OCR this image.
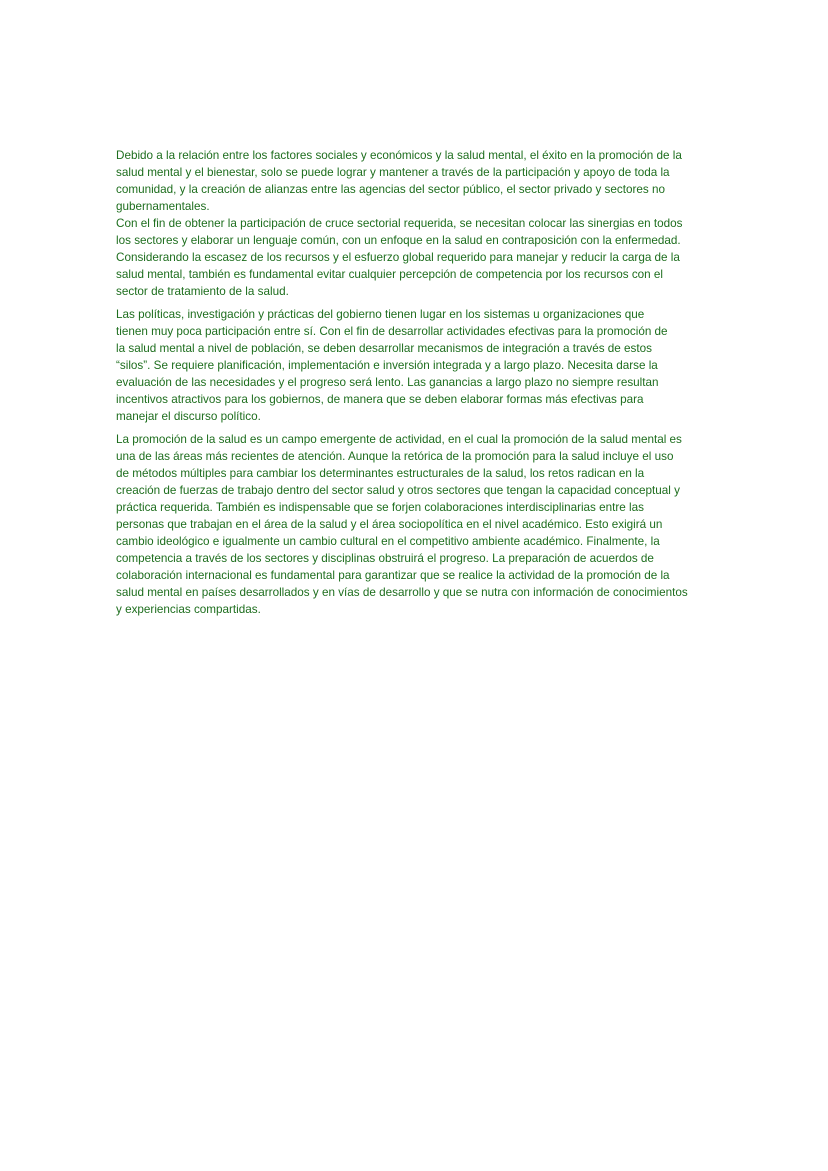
Debido a la relación entre los factores sociales y económicos y la salud mental, el éxito en la promoción de la
salud mental y el bienestar, solo se puede lograr y mantener a través de la participación y apoyo de toda la
comunidad, y la creación de alianzas entre las agencias del sector público, el sector privado y sectores no
gubernamentales.
Con el fin de obtener la participación de cruce sectorial requerida, se necesitan colocar las sinergias en todos
los sectores y elaborar un lenguaje común, con un enfoque en la salud en contraposición con la enfermedad.
Considerando la escasez de los recursos y el esfuerzo global requerido para manejar y reducir la carga de la
salud mental, también es fundamental evitar cualquier percepción de competencia por los recursos con el
sector de tratamiento de la salud.
Las políticas, investigación y prácticas del gobierno tienen lugar en los sistemas u organizaciones que
tienen muy poca participación entre sí. Con el fin de desarrollar actividades efectivas para la promoción de
la salud mental a nivel de población, se deben desarrollar mecanismos de integración a través de estos
“silos”. Se requiere planificación, implementación e inversión integrada y a largo plazo. Necesita darse la
evaluación de las necesidades y el progreso será lento. Las ganancias a largo plazo no siempre resultan
incentivos atractivos para los gobiernos, de manera que se deben elaborar formas más efectivas para
manejar el discurso político.
La promoción de la salud es un campo emergente de actividad, en el cual la promoción de la salud mental es
una de las áreas más recientes de atención. Aunque la retórica de la promoción para la salud incluye el uso
de métodos múltiples para cambiar los determinantes estructurales de la salud, los retos radican en la
creación de fuerzas de trabajo dentro del sector salud y otros sectores que tengan la capacidad conceptual y
práctica requerida. También es indispensable que se forjen colaboraciones interdisciplinarias entre las
personas que trabajan en el área de la salud y el área sociopolítica en el nivel académico. Esto exigirá un
cambio ideológico e igualmente un cambio cultural en el competitivo ambiente académico. Finalmente, la
competencia a través de los sectores y disciplinas obstruirá el progreso. La preparación de acuerdos de
colaboración internacional es fundamental para garantizar que se realice la actividad de la promoción de la
salud mental en países desarrollados y en vías de desarrollo y que se nutra con información de conocimientos
y experiencias compartidas.
